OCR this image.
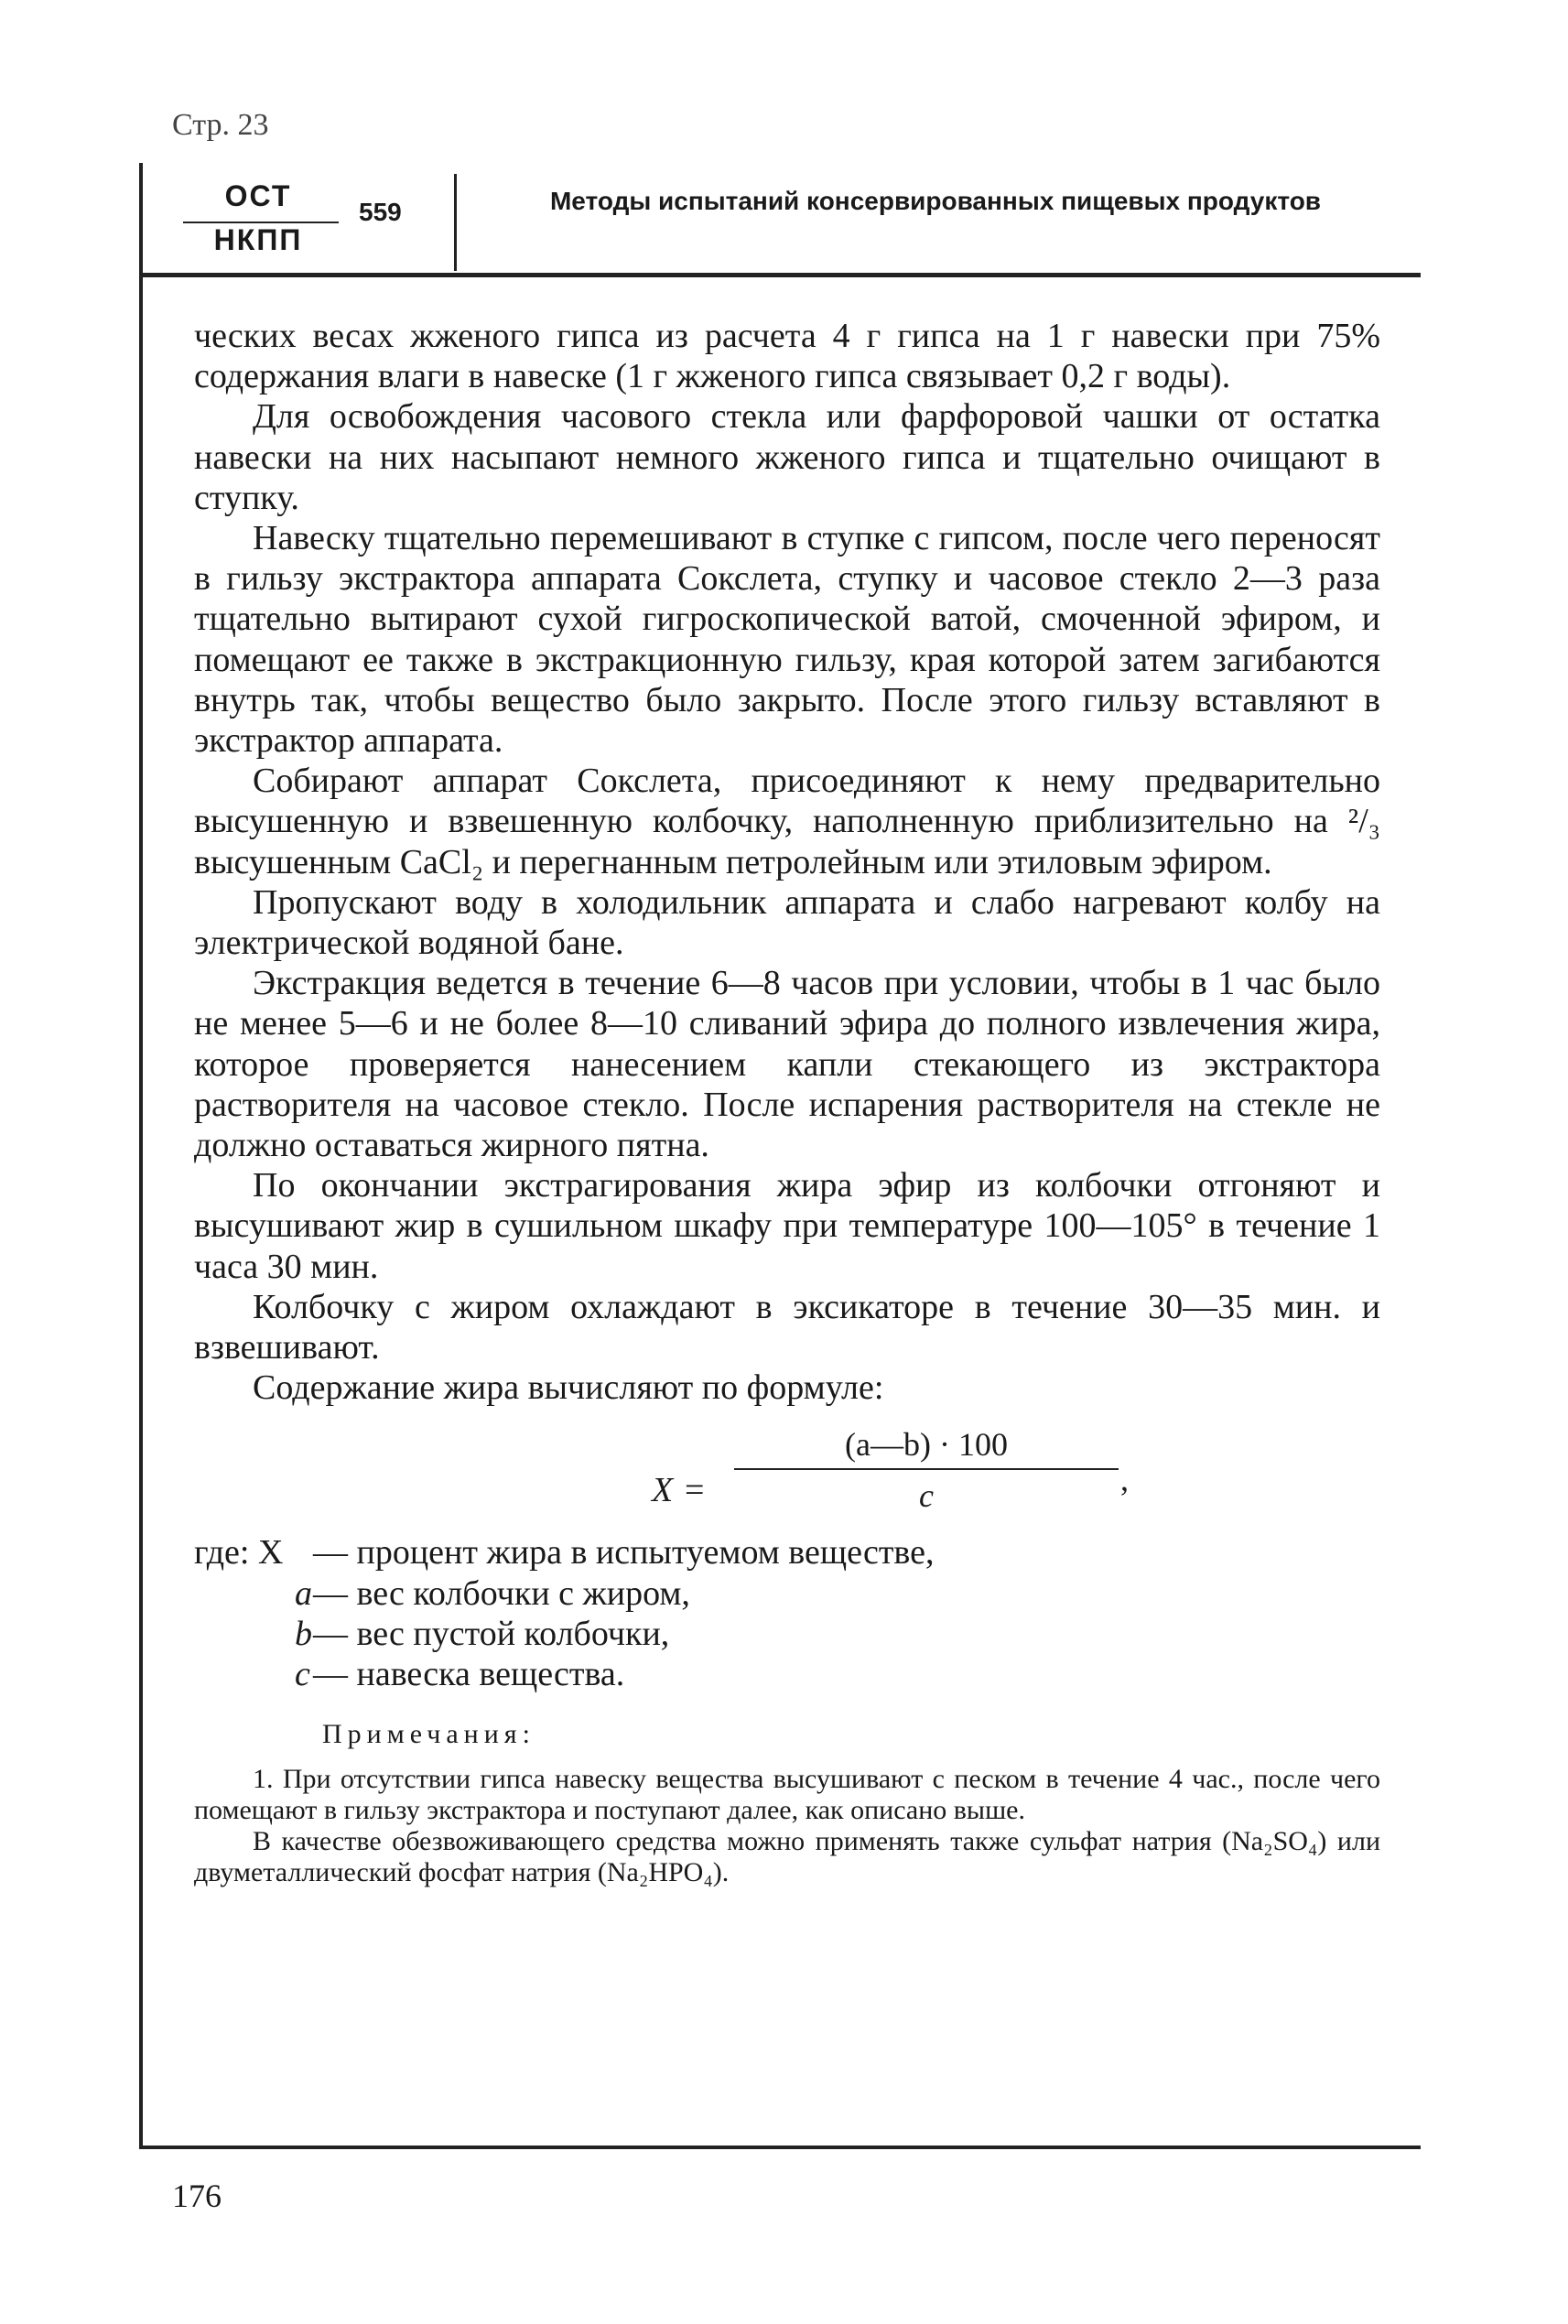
Стр. 23
ОСТ
НКПП
559	Методы испытаний консервированных пищевых продуктов

ческих весах жженого гипса из расчета 4 г гипса на 1 г навески при 75% содержания влаги в навеске (1 г жженого гипса связывает 0,2 г воды).

Для освобождения часового стекла или фарфоровой чашки от остатка навески на них насыпают немного жженого гипса и тщательно очищают в ступку.

Навеску тщательно перемешивают в ступке с гипсом, после чего переносят в гильзу экстрактора аппарата Сокслета, ступку и часовое стекло 2—3 раза тщательно вытирают сухой гигроскопической ватой, смоченной эфиром, и помещают ее также в экстракционную гильзу, края которой затем загибаются внутрь так, чтобы вещество было закрыто. После этого гильзу вставляют в экстрактор аппарата.

Собирают аппарат Сокслета, присоединяют к нему предварительно высушенную и взвешенную колбочку, наполненную приблизительно на ²/₃ высушенным CaCl₂ и перегнанным петролейным или этиловым эфиром.

Пропускают воду в холодильник аппарата и слабо нагревают колбу на электрической водяной бане.

Экстракция ведется в течение 6—8 часов при условии, чтобы в 1 час было не менее 5—6 и не более 8—10 сливаний эфира до полного извлечения жира, которое проверяется нанесением капли стекающего из экстрактора растворителя на часовое стекло. После испарения растворителя на стекле не должно оставаться жирного пятна.

По окончании экстрагирования жира эфир из колбочки отгоняют и высушивают жир в сушильном шкафу при температуре 100—105° в течение 1 часа 30 мин.

Колбочку с жиром охлаждают в эксикаторе в течение 30—35 мин. и взвешивают.

Содержание жира вычисляют по формуле:

X =
(a—b) · 100
c	,
где: X — процент жира в испытуемом веществе,
a — вес колбочки с жиром,
b — вес пустой колбочки,
c — навеска вещества.
Примечания:

1. При отсутствии гипса навеску вещества высушивают с песком в течение 4 час., после чего помещают в гильзу экстрактора и поступают далее, как описано выше.

В качестве обезвоживающего средства можно применять также сульфат натрия (Na₂SO₄) или двуметаллический фосфат натрия (Na₂HPO₄).

176
